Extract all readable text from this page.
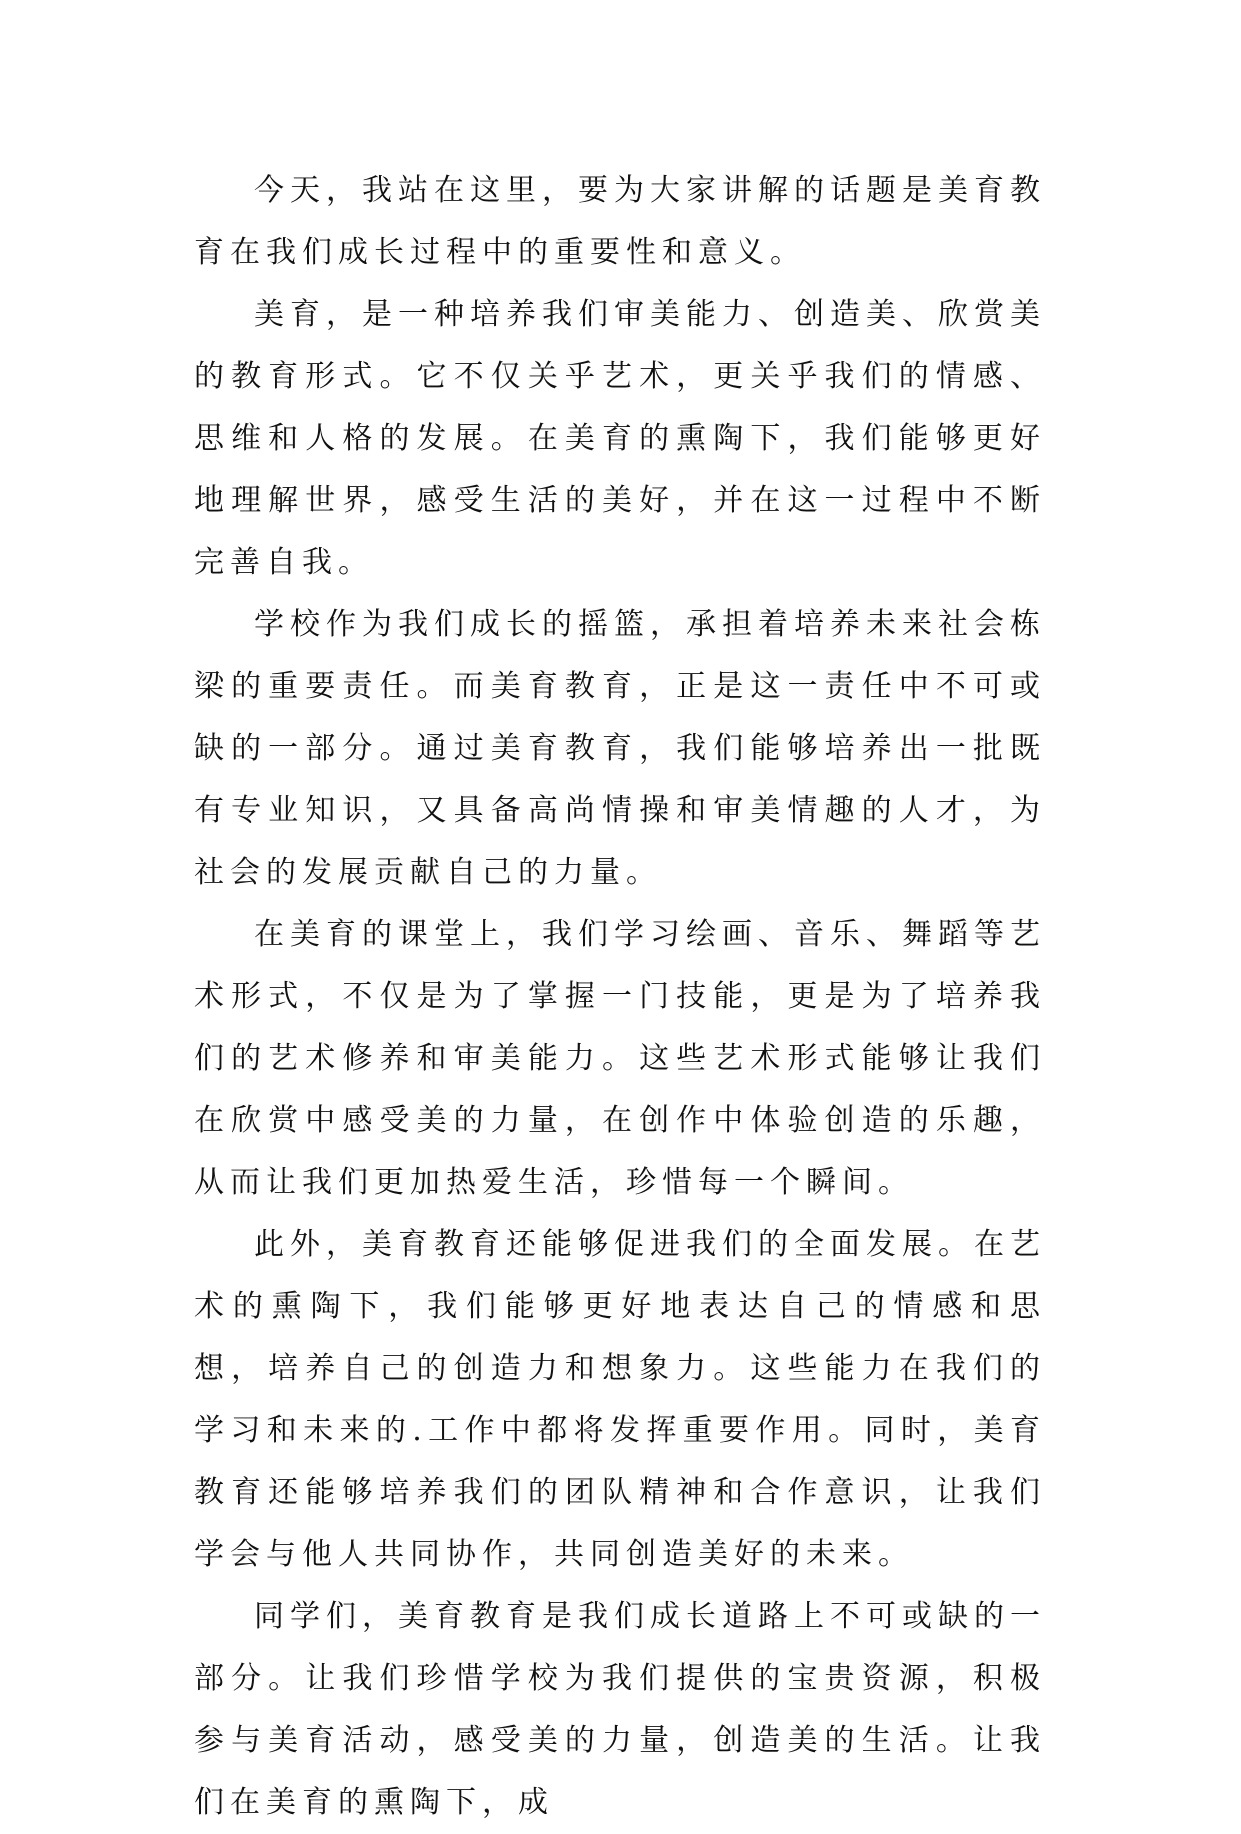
今天，我站在这里，要为大家讲解的话题是美育教育在我们成长过程中的重要性和意义。

美育，是一种培养我们审美能力、创造美、欣赏美的教育形式。它不仅关乎艺术，更关乎我们的情感、思维和人格的发展。在美育的熏陶下，我们能够更好地理解世界，感受生活的美好，并在这一过程中不断完善自我。

学校作为我们成长的摇篮，承担着培养未来社会栋梁的重要责任。而美育教育，正是这一责任中不可或缺的一部分。通过美育教育，我们能够培养出一批既有专业知识，又具备高尚情操和审美情趣的人才，为社会的发展贡献自己的力量。

在美育的课堂上，我们学习绘画、音乐、舞蹈等艺术形式，不仅是为了掌握一门技能，更是为了培养我们的艺术修养和审美能力。这些艺术形式能够让我们在欣赏中感受美的力量，在创作中体验创造的乐趣，从而让我们更加热爱生活，珍惜每一个瞬间。

此外，美育教育还能够促进我们的全面发展。在艺术的熏陶下，我们能够更好地表达自己的情感和思想，培养自己的创造力和想象力。这些能力在我们的学习和未来的.工作中都将发挥重要作用。同时，美育教育还能够培养我们的团队精神和合作意识，让我们学会与他人共同协作，共同创造美好的未来。

同学们，美育教育是我们成长道路上不可或缺的一部分。让我们珍惜学校为我们提供的宝贵资源，积极参与美育活动，感受美的力量，创造美的生活。让我们在美育的熏陶下，成
